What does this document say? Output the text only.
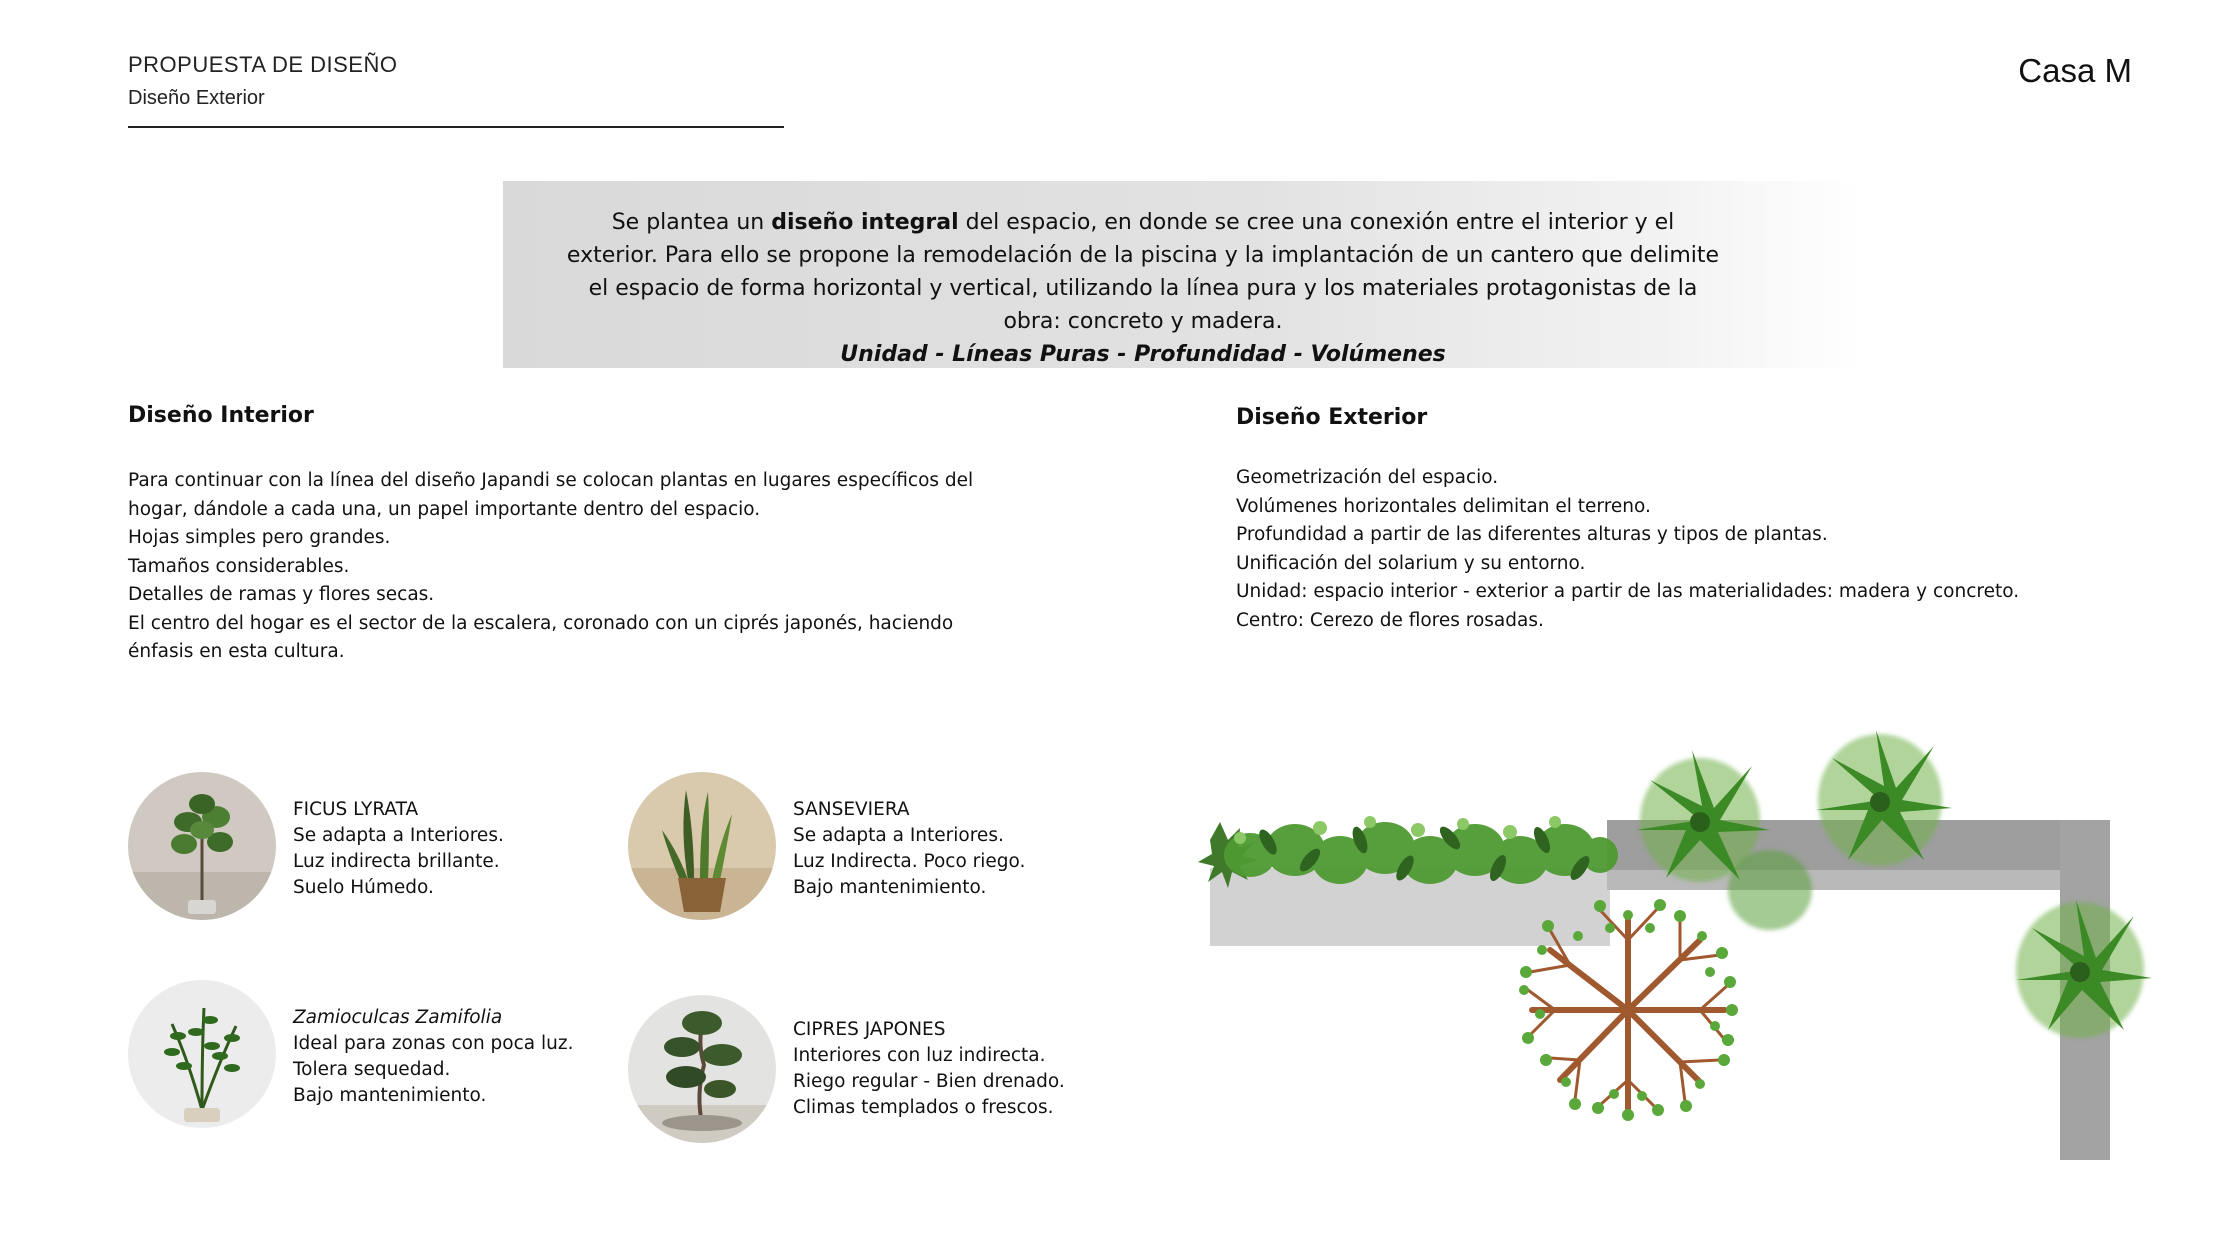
PROPUESTA DE DISEÑO
Diseño Exterior
Casa M
Se plantea un diseño integral del espacio, en donde se cree una conexión entre el interior y el exterior. Para ello se propone la remodelación de la piscina y la implantación de un cantero que delimite el espacio de forma horizontal y vertical, utilizando la línea pura y los materiales protagonistas de la obra: concreto y madera.
Unidad - Líneas Puras - Profundidad - Volúmenes
Diseño Interior
Para continuar con la línea del diseño Japandi se colocan plantas en lugares específicos del
hogar, dándole a cada una, un papel importante dentro del espacio.
Hojas simples pero grandes.
Tamaños considerables.
Detalles de ramas y flores secas.
El centro del hogar es el sector de la escalera, coronado con un ciprés japonés, haciendo
énfasis en esta cultura.
Diseño Exterior
Geometrización del espacio.
Volúmenes horizontales delimitan el terreno.
Profundidad a partir de las diferentes alturas y tipos de plantas.
Unificación del solarium y su entorno.
Unidad: espacio interior - exterior a partir de las materialidades: madera y concreto.
Centro: Cerezo de flores rosadas.
FICUS LYRATA
Se adapta a Interiores.
Luz indirecta brillante.
Suelo Húmedo.
SANSEVIERA
Se adapta a Interiores.
Luz Indirecta. Poco riego.
Bajo mantenimiento.
Zamioculcas Zamifolia
Ideal para zonas con poca luz.
Tolera sequedad.
Bajo mantenimiento.
CIPRES JAPONES
Interiores con luz indirecta.
Riego regular - Bien drenado.
Climas templados o frescos.
